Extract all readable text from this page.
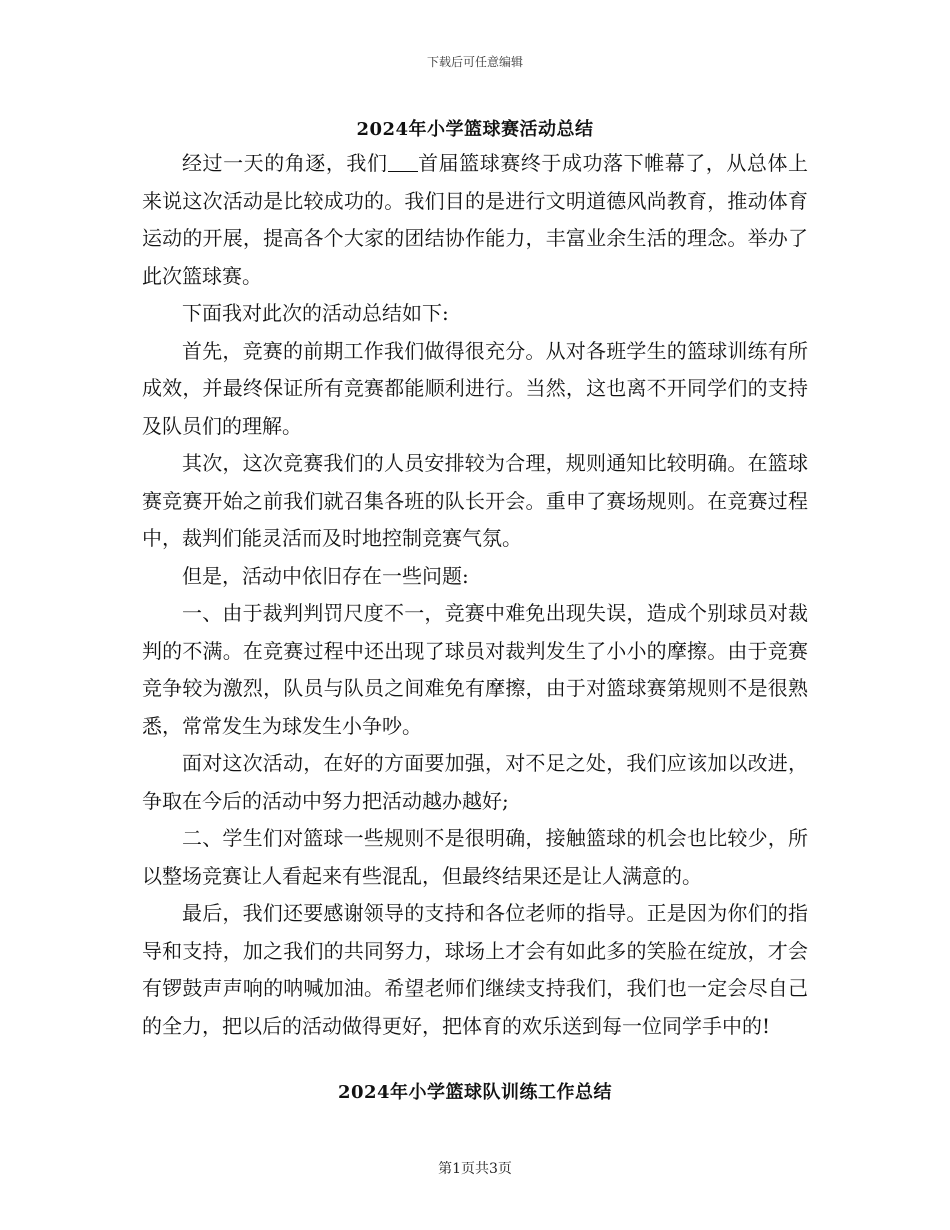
下载后可任意编辑
2024年小学篮球赛活动总结

经过一天的角逐，我们 首届篮球赛终于成功落下帷幕了，从总体上来说这次活动是比较成功的。我们目的是进行文明道德风尚教育，推动体育运动的开展，提高各个大家的团结协作能力，丰富业余生活的理念。举办了此次篮球赛。

下面我对此次的活动总结如下:

首先，竞赛的前期工作我们做得很充分。从对各班学生的篮球训练有所成效，并最终保证所有竞赛都能顺利进行。当然，这也离不开同学们的支持及队员们的理解。

其次，这次竞赛我们的人员安排较为合理，规则通知比较明确。在篮球赛竞赛开始之前我们就召集各班的队长开会。重申了赛场规则。在竞赛过程中，裁判们能灵活而及时地控制竞赛气氛。

但是，活动中依旧存在一些问题:

一、由于裁判判罚尺度不一，竞赛中难免出现失误，造成个别球员对裁判的不满。在竞赛过程中还出现了球员对裁判发生了小小的摩擦。由于竞赛竞争较为激烈，队员与队员之间难免有摩擦，由于对篮球赛第规则不是很熟悉，常常发生为球发生小争吵。

面对这次活动，在好的方面要加强，对不足之处，我们应该加以改进，争取在今后的活动中努力把活动越办越好;

二、学生们对篮球一些规则不是很明确，接触篮球的机会也比较少，所以整场竞赛让人看起来有些混乱，但最终结果还是让人满意的。

最后，我们还要感谢领导的支持和各位老师的指导。正是因为你们的指导和支持，加之我们的共同努力，球场上才会有如此多的笑脸在绽放，才会有锣鼓声声响的呐喊加油。希望老师们继续支持我们，我们也一定会尽自己的全力，把以后的活动做得更好，把体育的欢乐送到每一位同学手中的!

2024年小学篮球队训练工作总结
第1页共3页
